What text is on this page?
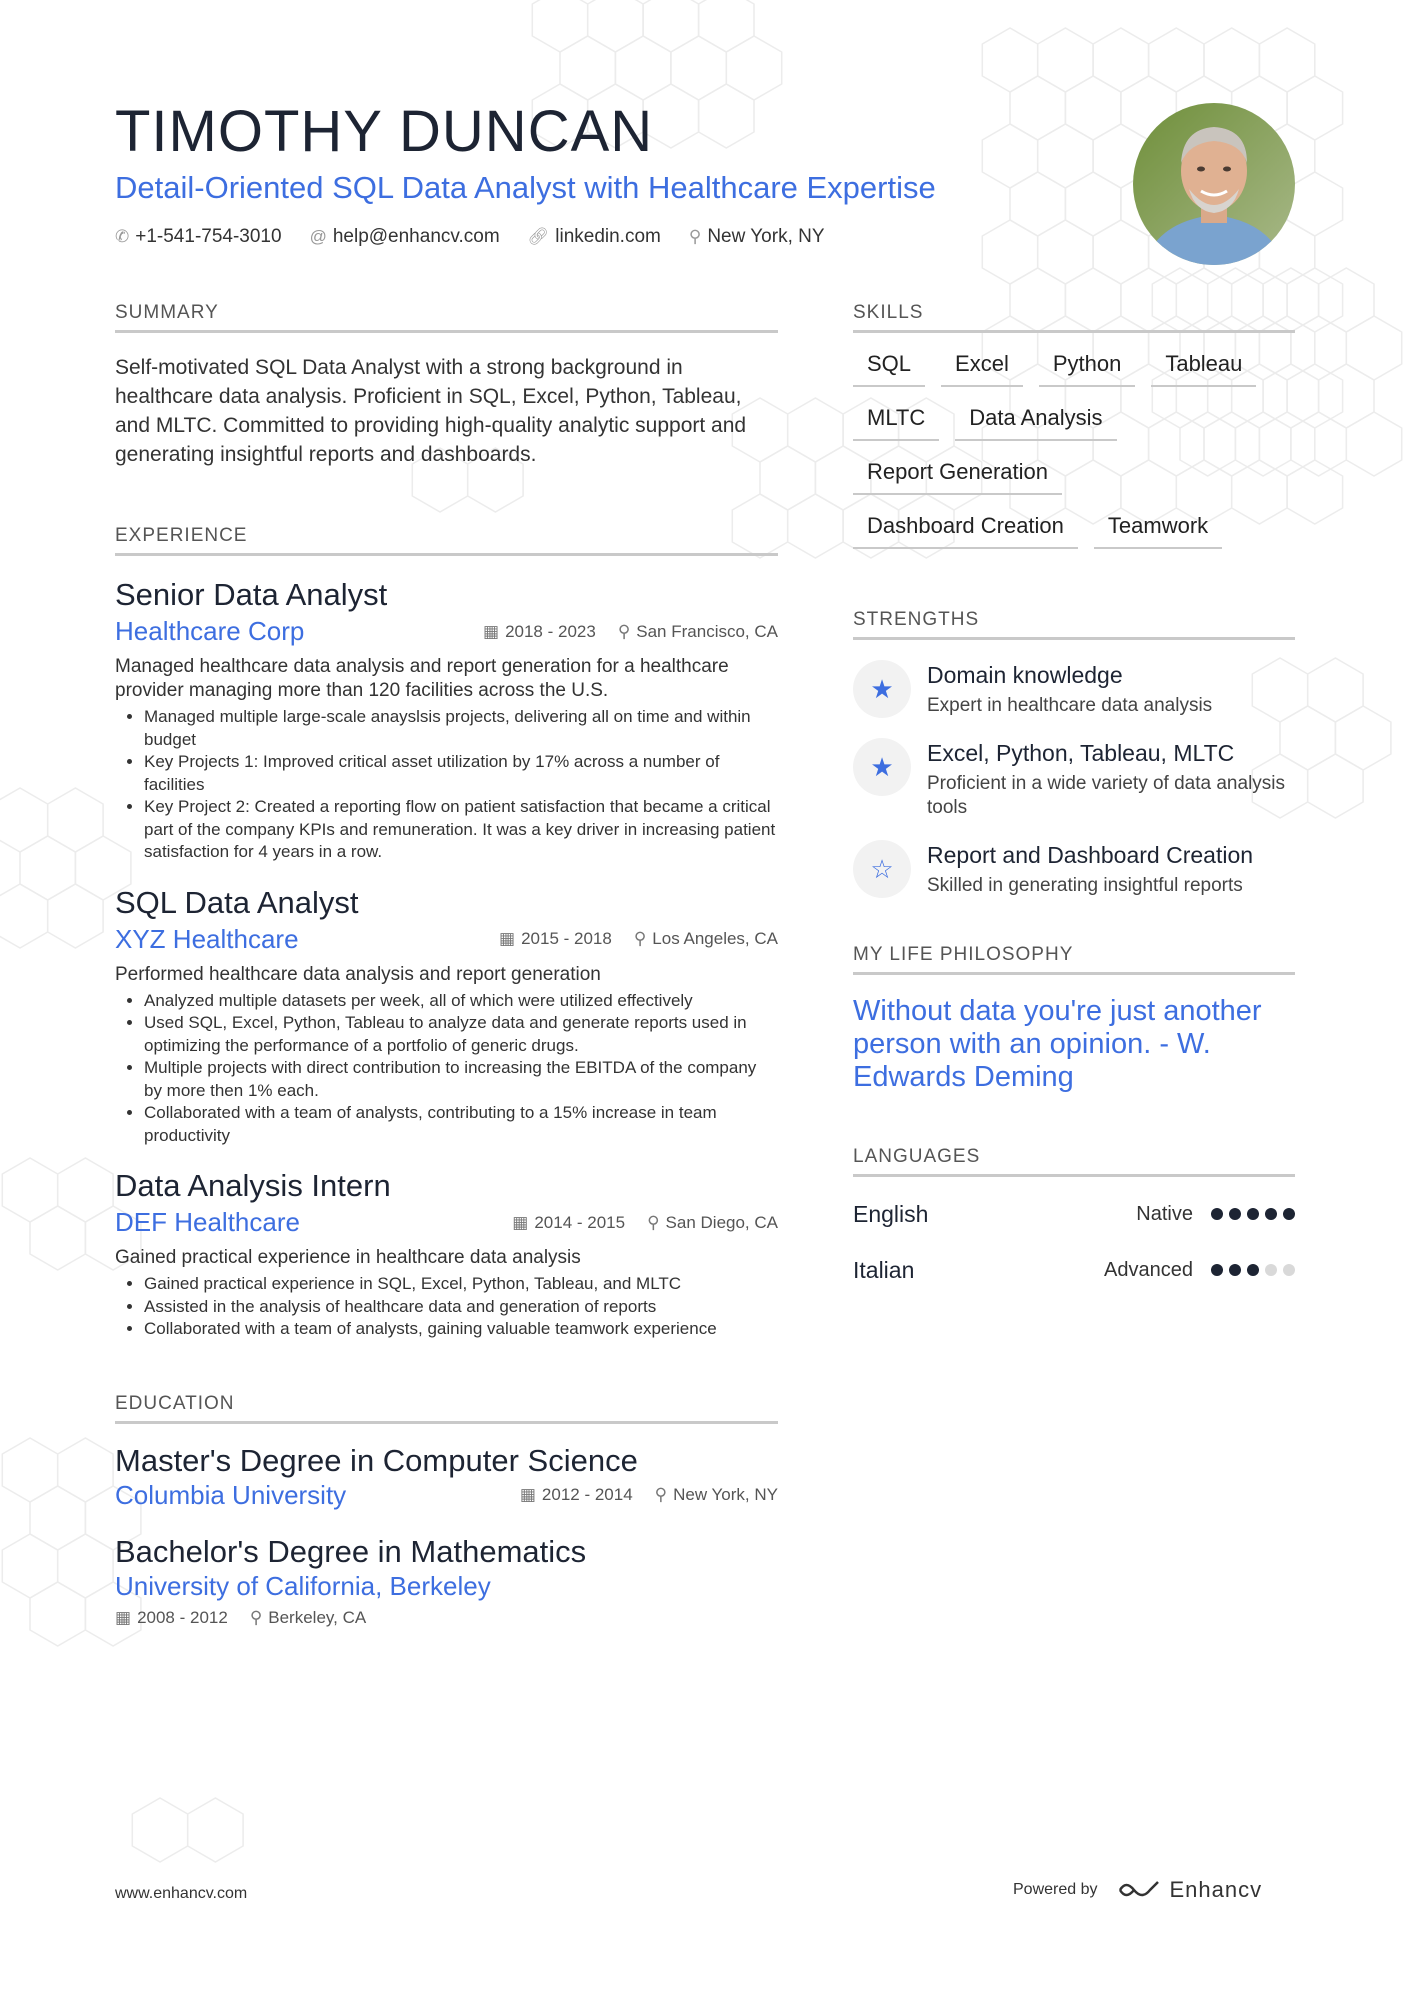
TIMOTHY DUNCAN
Detail-Oriented SQL Data Analyst with Healthcare Expertise
✆ +1-541-754-3010 @ help@enhancv.com 🔗︎ linkedin.com ⚲ New York, NY
SUMMARY
Self-motivated SQL Data Analyst with a strong background in healthcare data analysis. Proficient in SQL, Excel, Python, Tableau, and MLTC. Committed to providing high-quality analytic support and generating insightful reports and dashboards.
EXPERIENCE
Senior Data Analyst
Healthcare Corp	▦ 2018 - 2023 ⚲ San Francisco, CA
Managed healthcare data analysis and report generation for a healthcare provider managing more than 120 facilities across the U.S.
• Managed multiple large-scale anayslsis projects, delivering all on time and within budget
• Key Projects 1: Improved critical asset utilization by 17% across a number of facilities
• Key Project 2: Created a reporting flow on patient satisfaction that became a critical part of the company KPIs and remuneration. It was a key driver in increasing patient satisfaction for 4 years in a row.
SQL Data Analyst
XYZ Healthcare	▦ 2015 - 2018 ⚲ Los Angeles, CA
Performed healthcare data analysis and report generation
• Analyzed multiple datasets per week, all of which were utilized effectively
• Used SQL, Excel, Python, Tableau to analyze data and generate reports used in optimizing the performance of a portfolio of generic drugs.
• Multiple projects with direct contribution to increasing the EBITDA of the company by more then 1% each.
• Collaborated with a team of analysts, contributing to a 15% increase in team productivity
Data Analysis Intern
DEF Healthcare	▦ 2014 - 2015 ⚲ San Diego, CA
Gained practical experience in healthcare data analysis
• Gained practical experience in SQL, Excel, Python, Tableau, and MLTC
• Assisted in the analysis of healthcare data and generation of reports
• Collaborated with a team of analysts, gaining valuable teamwork experience
EDUCATION
Master's Degree in Computer Science
Columbia University	▦ 2012 - 2014 ⚲ New York, NY
Bachelor's Degree in Mathematics
University of California, Berkeley
▦ 2008 - 2012 ⚲ Berkeley, CA
SKILLS
SQL	Excel	Python	Tableau
MLTC	Data Analysis
Report Generation
Dashboard Creation	Teamwork
STRENGTHS
★	Domain knowledge
Expert in healthcare data analysis
★	Excel, Python, Tableau, MLTC
Proficient in a wide variety of data analysis tools
☆	Report and Dashboard Creation
Skilled in generating insightful reports
MY LIFE PHILOSOPHY
Without data you're just another person with an opinion. - W. Edwards Deming
LANGUAGES
English	Native
Italian	Advanced
www.enhancv.com	Powered by	Enhancv
